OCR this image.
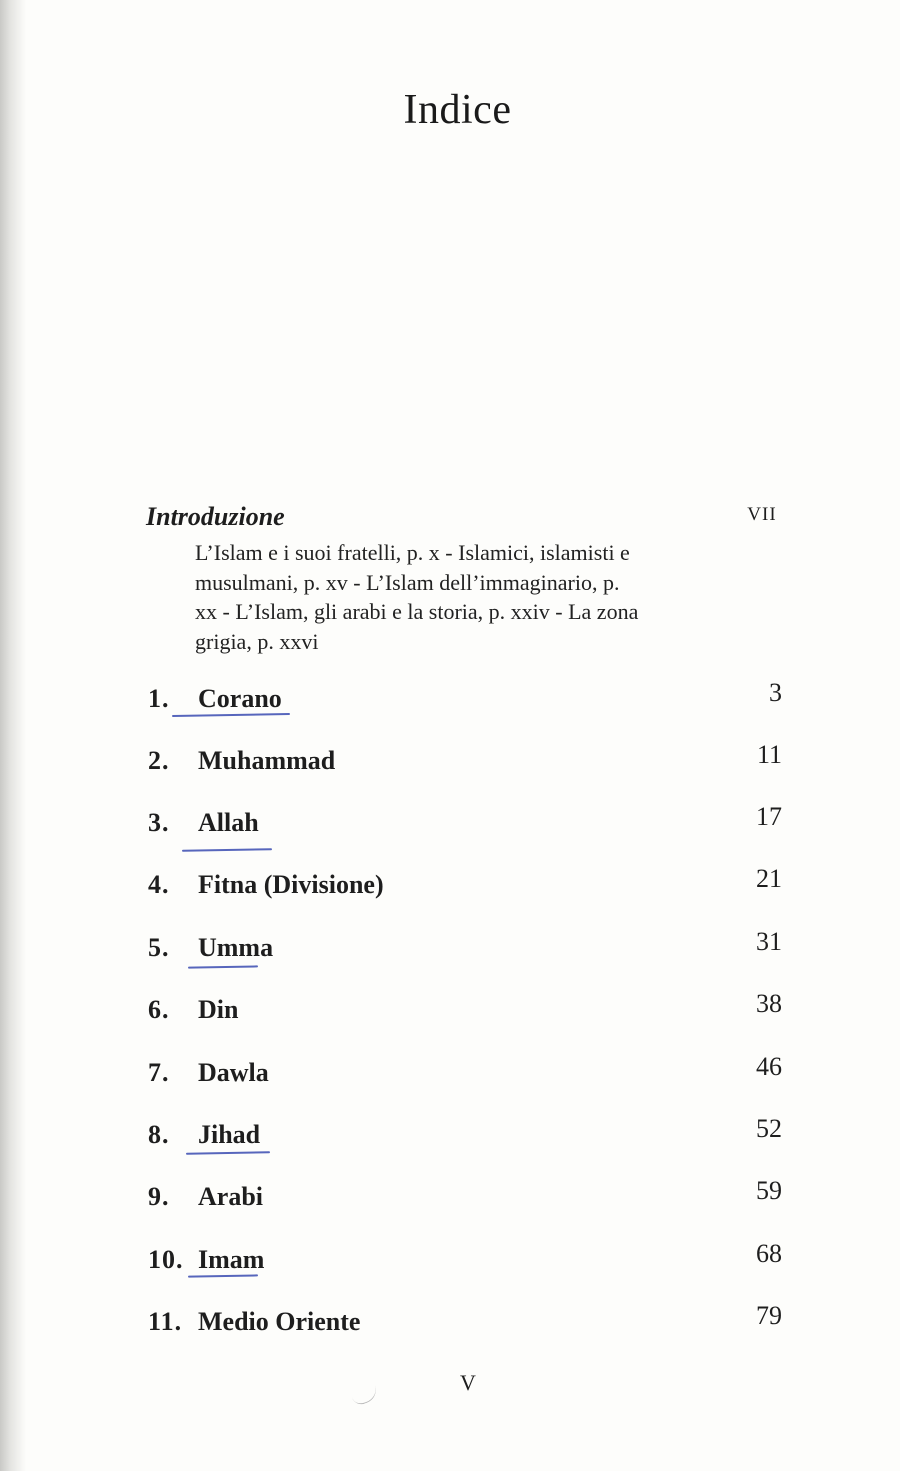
Indice
Introduzione	VII
L’Islam e i suoi fratelli, p. x - Islamici, islamisti e
musulmani, p. xv - L’Islam dell’immaginario, p.
xx - L’Islam, gli arabi e la storia, p. xxiv - La zona
grigia, p. xxvi
1. Corano	3
2. Muhammad	11
3. Allah	17
4. Fitna (Divisione)	21
5. Umma	31
6. Din	38
7. Dawla	46
8. Jihad	52
9. Arabi	59
10. Imam	68
11. Medio Oriente	79
V
